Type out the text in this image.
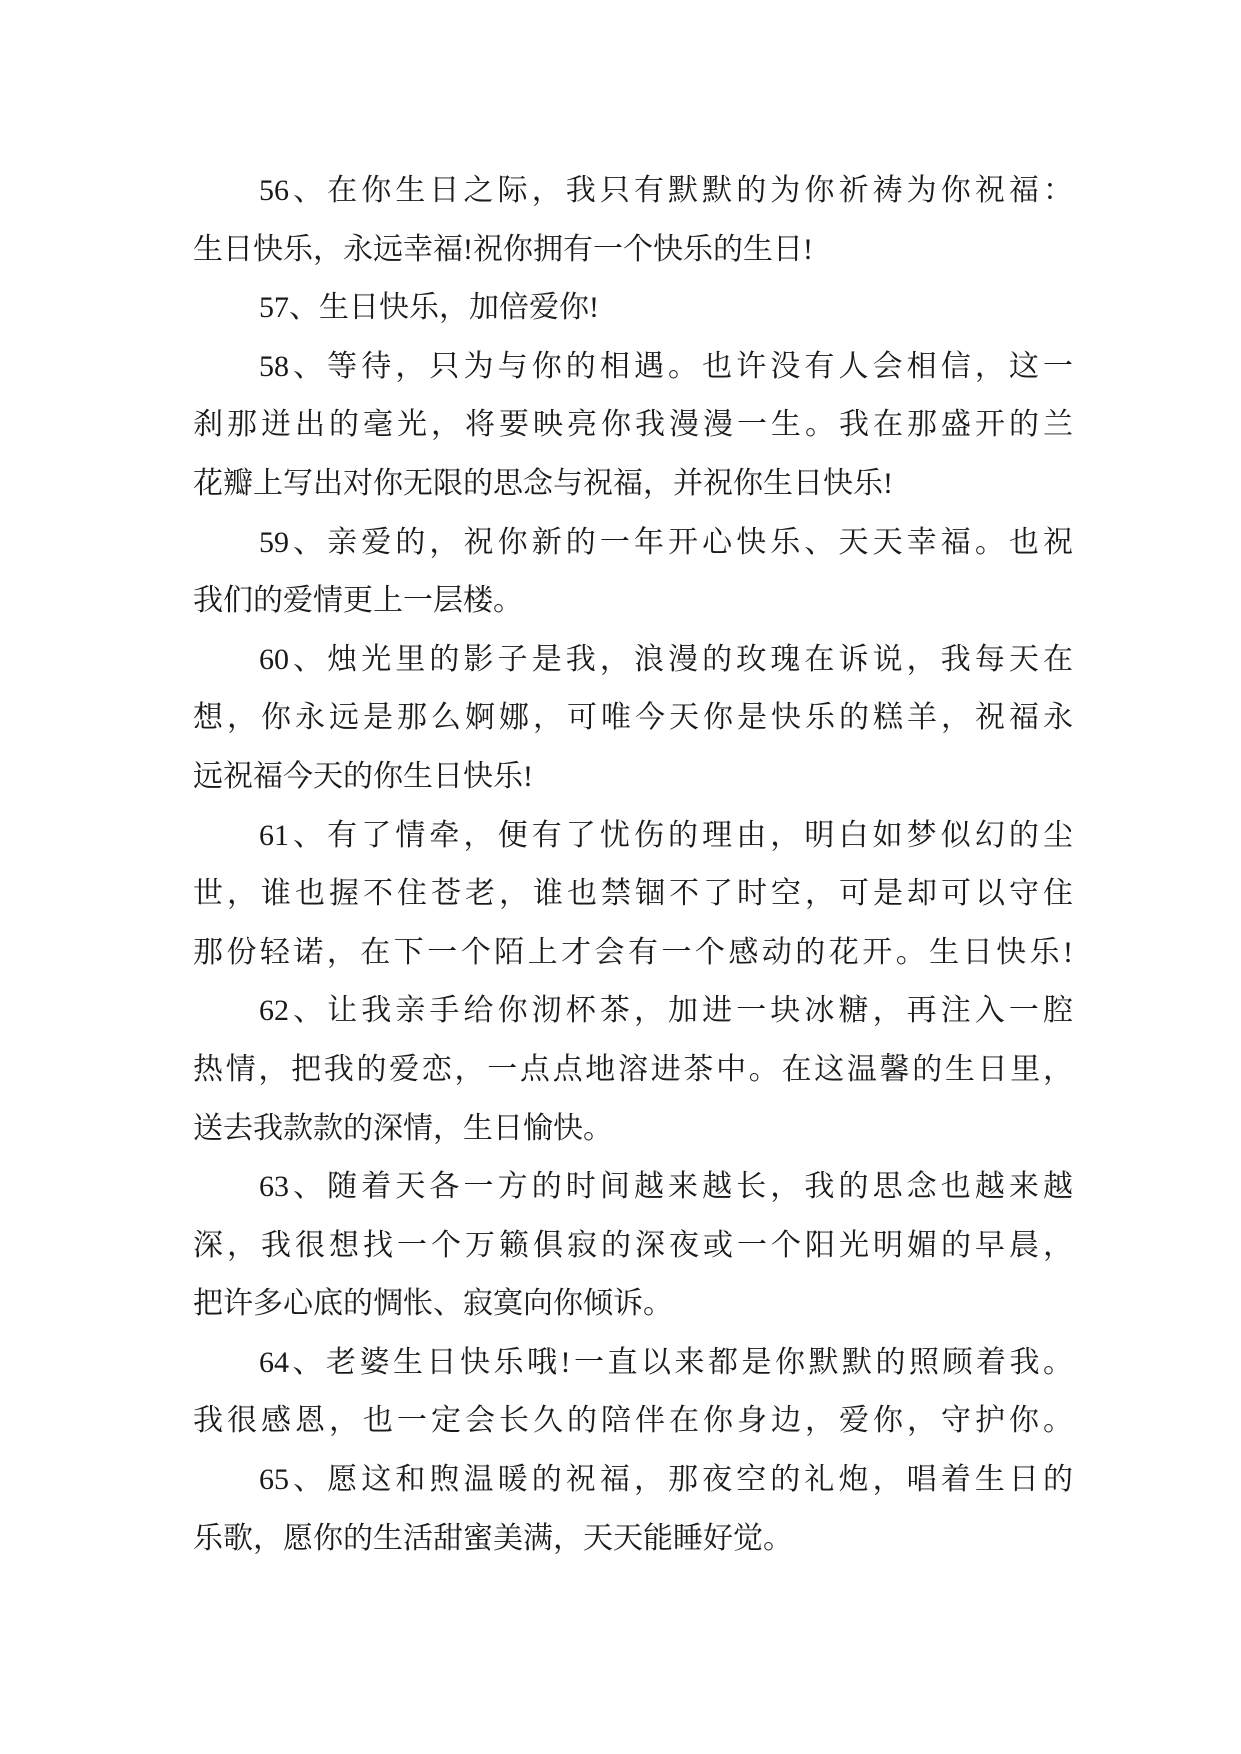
56、在你生日之际，我只有默默的为你祈祷为你祝福：
生日快乐，永远幸福!祝你拥有一个快乐的生日!
57、生日快乐，加倍爱你!
58、等待，只为与你的相遇。也许没有人会相信，这一
刹那迸出的毫光，将要映亮你我漫漫一生。我在那盛开的兰
花瓣上写出对你无限的思念与祝福，并祝你生日快乐!
59、亲爱的，祝你新的一年开心快乐、天天幸福。也祝
我们的爱情更上一层楼。
60、烛光里的影子是我，浪漫的玫瑰在诉说，我每天在
想，你永远是那么婀娜，可唯今天你是快乐的糕羊，祝福永
远祝福今天的你生日快乐!
61、有了情牵，便有了忧伤的理由，明白如梦似幻的尘
世，谁也握不住苍老，谁也禁锢不了时空，可是却可以守住
那份轻诺，在下一个陌上才会有一个感动的花开。生日快乐!
62、让我亲手给你沏杯茶，加进一块冰糖，再注入一腔
热情，把我的爱恋，一点点地溶进茶中。在这温馨的生日里，
送去我款款的深情，生日愉快。
63、随着天各一方的时间越来越长，我的思念也越来越
深，我很想找一个万籁俱寂的深夜或一个阳光明媚的早晨，
把许多心底的惆怅、寂寞向你倾诉。
64、老婆生日快乐哦!一直以来都是你默默的照顾着我。
我很感恩，也一定会长久的陪伴在你身边，爱你，守护你。
65、愿这和煦温暖的祝福，那夜空的礼炮，唱着生日的
乐歌，愿你的生活甜蜜美满，天天能睡好觉。
